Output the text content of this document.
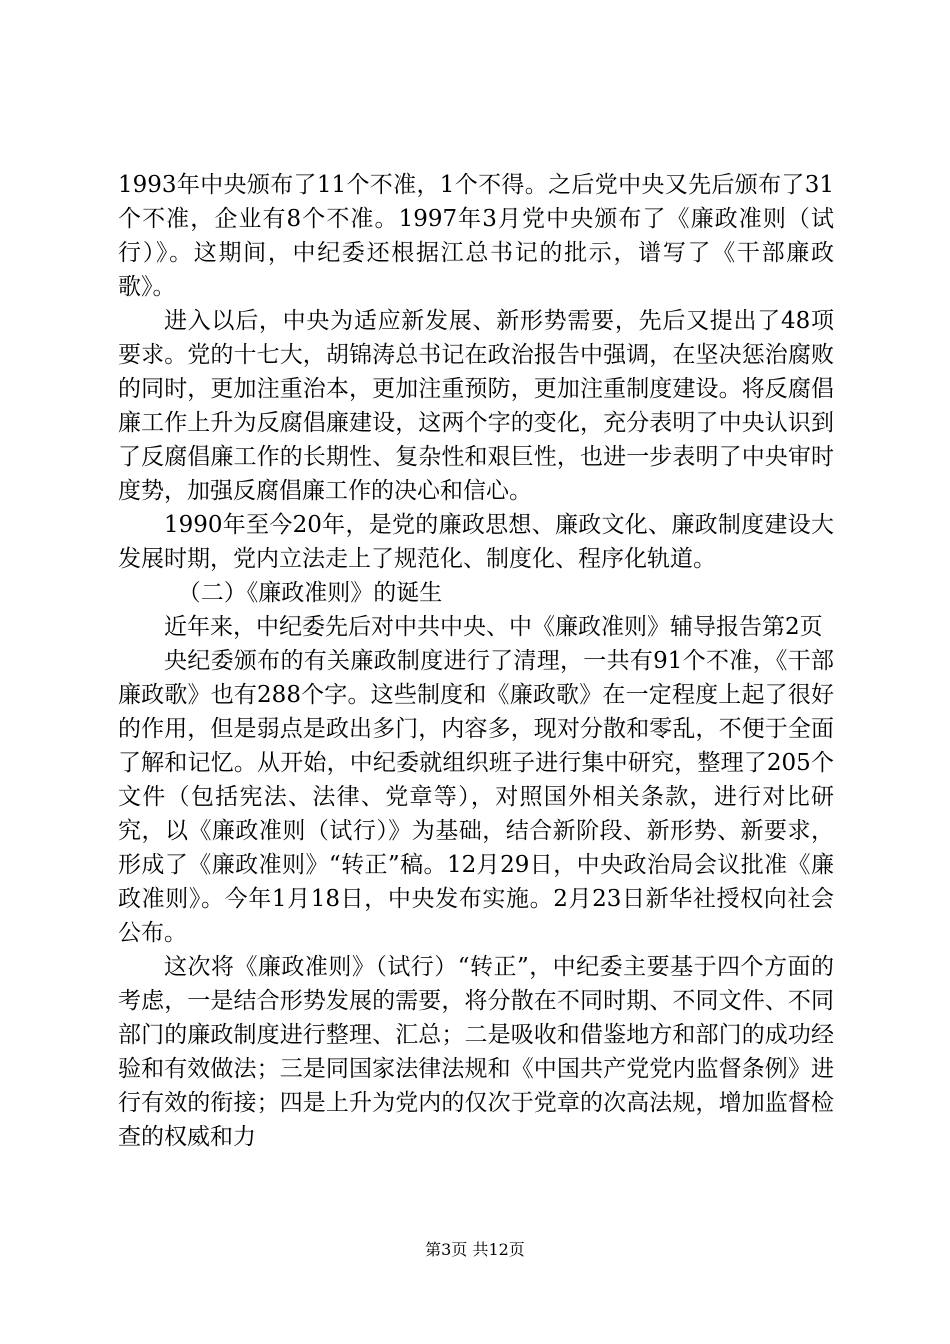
1993年中央颁布了11个不准，1个不得。之后党中央又先后颁布了31个不准，企业有8个不准。1997年3月党中央颁布了《廉政准则（试行）》。这期间，中纪委还根据江总书记的批示，谱写了《干部廉政歌》。

进入以后，中央为适应新发展、新形势需要，先后又提出了48项要求。党的十七大，胡锦涛总书记在政治报告中强调，在坚决惩治腐败的同时，更加注重治本，更加注重预防，更加注重制度建设。将反腐倡廉工作上升为反腐倡廉建设，这两个字的变化，充分表明了中央认识到了反腐倡廉工作的长期性、复杂性和艰巨性，也进一步表明了中央审时度势，加强反腐倡廉工作的决心和信心。

1990年至今20年，是党的廉政思想、廉政文化、廉政制度建设大发展时期，党内立法走上了规范化、制度化、程序化轨道。

（二）《廉政准则》的诞生

近年来，中纪委先后对中共中央、中《廉政准则》辅导报告第2页

央纪委颁布的有关廉政制度进行了清理，一共有91个不准，《干部廉政歌》也有288个字。这些制度和《廉政歌》在一定程度上起了很好的作用，但是弱点是政出多门，内容多，现对分散和零乱，不便于全面了解和记忆。从开始，中纪委就组织班子进行集中研究，整理了205个文件（包括宪法、法律、党章等），对照国外相关条款，进行对比研究，以《廉政准则（试行）》为基础，结合新阶段、新形势、新要求，形成了《廉政准则》“转正”稿。12月29日，中央政治局会议批准《廉政准则》。今年1月18日，中央发布实施。2月23日新华社授权向社会公布。

这次将《廉政准则》（试行）“转正”，中纪委主要基于四个方面的考虑，一是结合形势发展的需要，将分散在不同时期、不同文件、不同部门的廉政制度进行整理、汇总；二是吸收和借鉴地方和部门的成功经验和有效做法；三是同国家法律法规和《中国共产党党内监督条例》进行有效的衔接；四是上升为党内的仅次于党章的次高法规，增加监督检查的权威和力

第3页 共12页
